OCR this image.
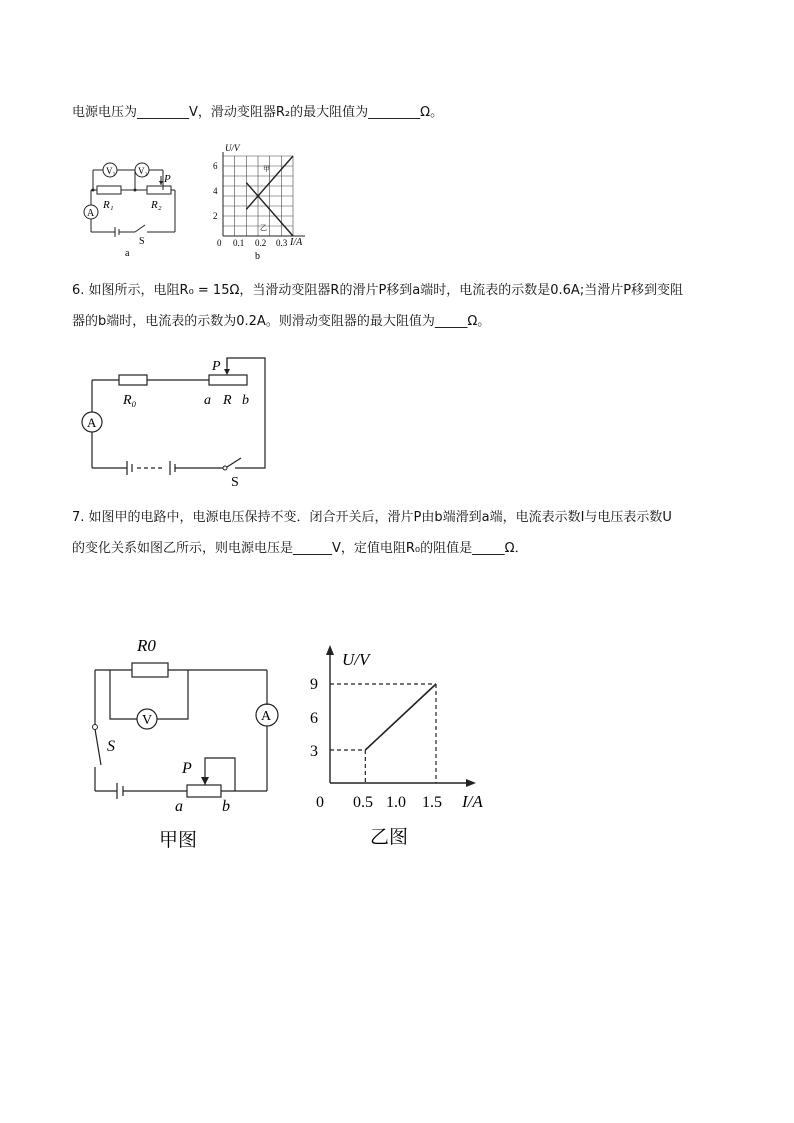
电源电压为________V，滑动变阻器R₂的最大阻值为________Ω。
V₁ V₂
P
R₁	R₂
A
S
a
U/V
I/A
6
4
2
0 0.1 0.2 0.3
甲
乙
b
6. 如图所示，电阻R₀ = 15Ω，当滑动变阻器R的滑片P移到a端时，电流表的示数是0.6A;当滑片P移到变阻
器的b端时，电流表的示数为0.2A。则滑动变阻器的最大阻值为_____Ω。
P
R₀	a R b
A
S
7. 如图甲的电路中，电源电压保持不变．闭合开关后，滑片P由b端滑到a端，电流表示数I与电压表示数U
的变化关系如图乙所示，则电源电压是______V，定值电阻R₀的阻值是_____Ω．
R0
V	A
S
P
a b
甲图
U/V
I/A
9
6
3
0 0.5 1.0 1.5
乙图
